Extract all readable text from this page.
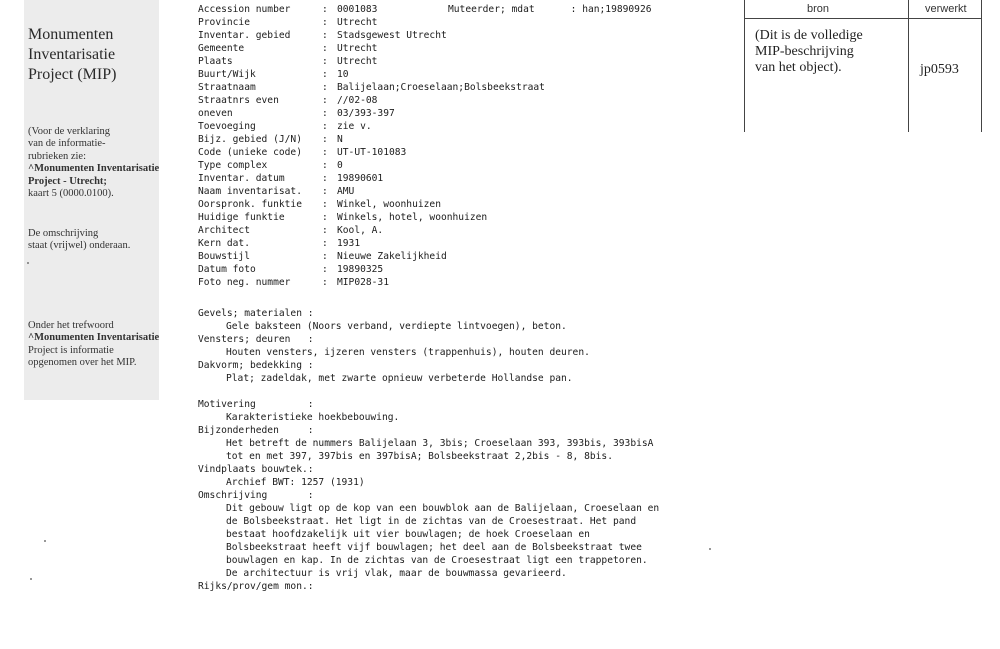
Monumenten
Inventarisatie
Project (MIP)
(Voor de verklaring
van de informatie-
rubrieken zie:
^Monumenten Inventarisatie
Project - Utrecht;
kaart 5 (0000.0100).
De omschrijving
staat (vrijwel) onderaan.
Onder het trefwoord
^Monumenten Inventarisatie
Project is informatie
opgenomen over het MIP.
Muteerder; mdat	: han;19890926
Accession number	: 0001083
Provincie	: Utrecht
Inventar. gebied	: Stadsgewest Utrecht
Gemeente	: Utrecht
Plaats	: Utrecht
Buurt/Wijk	: 10
Straatnaam	: Balijelaan;Croeselaan;Bolsbeekstraat
Straatnrs even	: //02-08
oneven	: 03/393-397
Toevoeging	: zie v.
Bijz. gebied (J/N) : N
Code (unieke code) : UT-UT-101083
Type complex	: 0
Inventar. datum	: 19890601
Naam inventarisat. : AMU
Oorspronk. funktie : Winkel, woonhuizen
Huidige funktie	: Winkels, hotel, woonhuizen
Architect	: Kool, A.
Kern dat.	: 1931
Bouwstijl	: Nieuwe Zakelijkheid
Datum foto	: 19890325
Foto neg. nummer	: MIP028-31
Gevels; materialen :
Gele baksteen (Noors verband, verdiepte lintvoegen), beton.
Vensters; deuren   :
Houten vensters, ijzeren vensters (trappenhuis), houten deuren.
Dakvorm; bedekking :
Plat; zadeldak, met zwarte opnieuw verbeterde Hollandse pan.
Motivering         :
Karakteristieke hoekbebouwing.
Bijzonderheden     :
Het betreft de nummers Balijelaan 3, 3bis; Croeselaan 393, 393bis, 393bisA
tot en met 397, 397bis en 397bisA; Bolsbeekstraat 2,2bis - 8, 8bis.
Vindplaats bouwtek.:
Archief BWT: 1257 (1931)
Omschrijving       :
Dit gebouw ligt op de kop van een bouwblok aan de Balijelaan, Croeselaan en
de Bolsbeekstraat. Het ligt in de zichtas van de Croesestraat. Het pand
bestaat hoofdzakelijk uit vier bouwlagen; de hoek Croeselaan en
Bolsbeekstraat heeft vijf bouwlagen; het deel aan de Bolsbeekstraat twee
bouwlagen en kap. In de zichtas van de Croesestraat ligt een trappetoren.
De architectuur is vrij vlak, maar de bouwmassa gevarieerd.
Rijks/prov/gem mon.:
bron	verwerkt
(Dit is de volledige
MIP-beschrijving
van het object).	jp0593
